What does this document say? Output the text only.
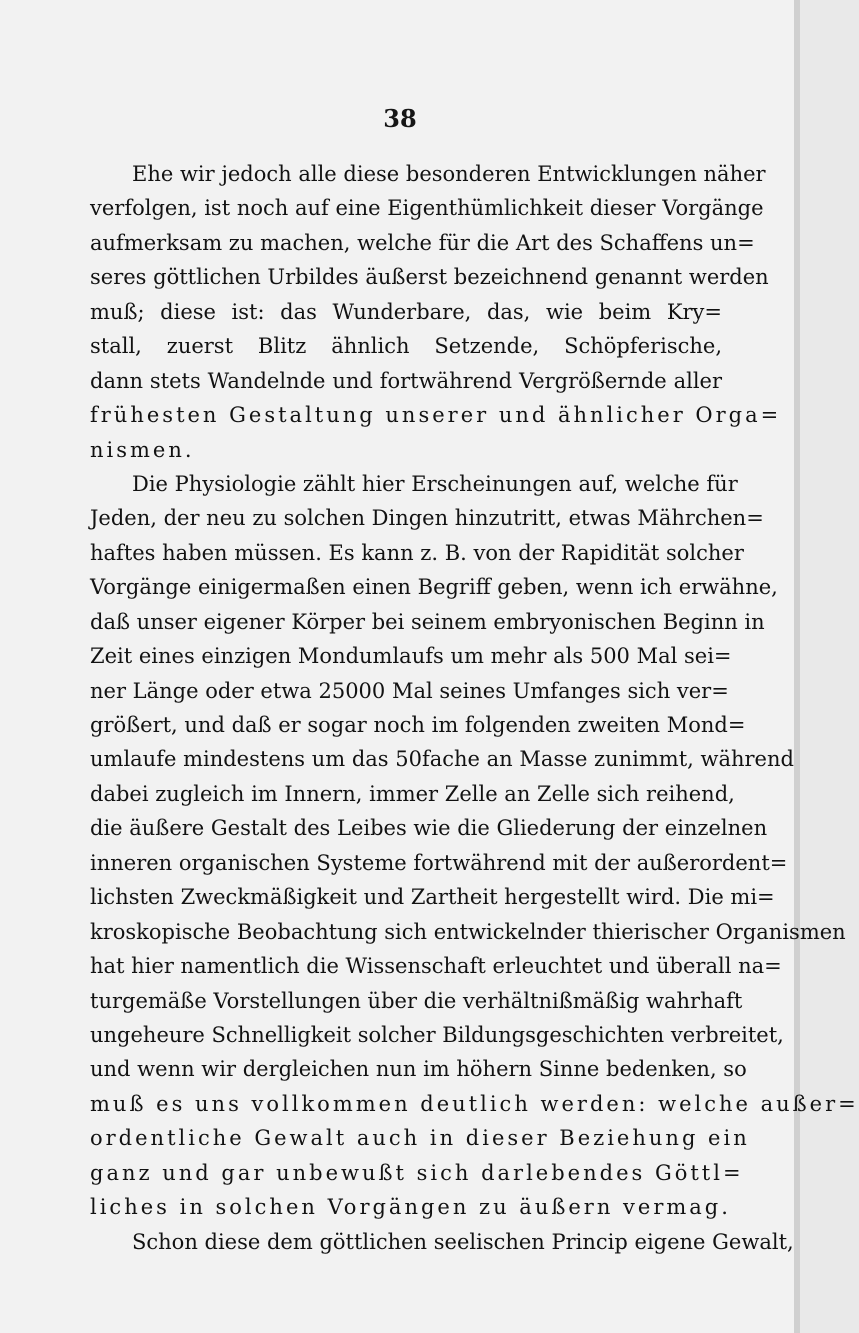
38
Ehe wir jedoch alle diese besonderen Entwicklungen näher
verfolgen, ist noch auf eine Eigenthümlichkeit dieser Vorgänge
aufmerksam zu machen, welche für die Art des Schaffens un=
seres göttlichen Urbildes äußerst bezeichnend genannt werden
muß; diese ist: das Wunderbare, das, wie beim Kry=
stall, zuerst Blitz ähnlich Setzende, Schöpferische,
dann stets Wandelnde und fortwährend Vergrößernde aller
frühesten Gestaltung unserer und ähnlicher Orga=
nismen.
Die Physiologie zählt hier Erscheinungen auf, welche für
Jeden, der neu zu solchen Dingen hinzutritt, etwas Mährchen=
haftes haben müssen. Es kann z. B. von der Rapidität solcher
Vorgänge einigermaßen einen Begriff geben, wenn ich erwähne,
daß unser eigener Körper bei seinem embryonischen Beginn in
Zeit eines einzigen Mondumlaufs um mehr als 500 Mal sei=
ner Länge oder etwa 25000 Mal seines Umfanges sich ver=
größert, und daß er sogar noch im folgenden zweiten Mond=
umlaufe mindestens um das 50fache an Masse zunimmt, während
dabei zugleich im Innern, immer Zelle an Zelle sich reihend,
die äußere Gestalt des Leibes wie die Gliederung der einzelnen
inneren organischen Systeme fortwährend mit der außerordent=
lichsten Zweckmäßigkeit und Zartheit hergestellt wird. Die mi=
kroskopische Beobachtung sich entwickelnder thierischer Organismen
hat hier namentlich die Wissenschaft erleuchtet und überall na=
turgemäße Vorstellungen über die verhältnißmäßig wahrhaft
ungeheure Schnelligkeit solcher Bildungsgeschichten verbreitet,
und wenn wir dergleichen nun im höhern Sinne bedenken, so
muß es uns vollkommen deutlich werden: welche außer=
ordentliche Gewalt auch in dieser Beziehung ein
ganz und gar unbewußt sich darlebendes Göttl=
liches in solchen Vorgängen zu äußern vermag.
Schon diese dem göttlichen seelischen Princip eigene Gewalt,
